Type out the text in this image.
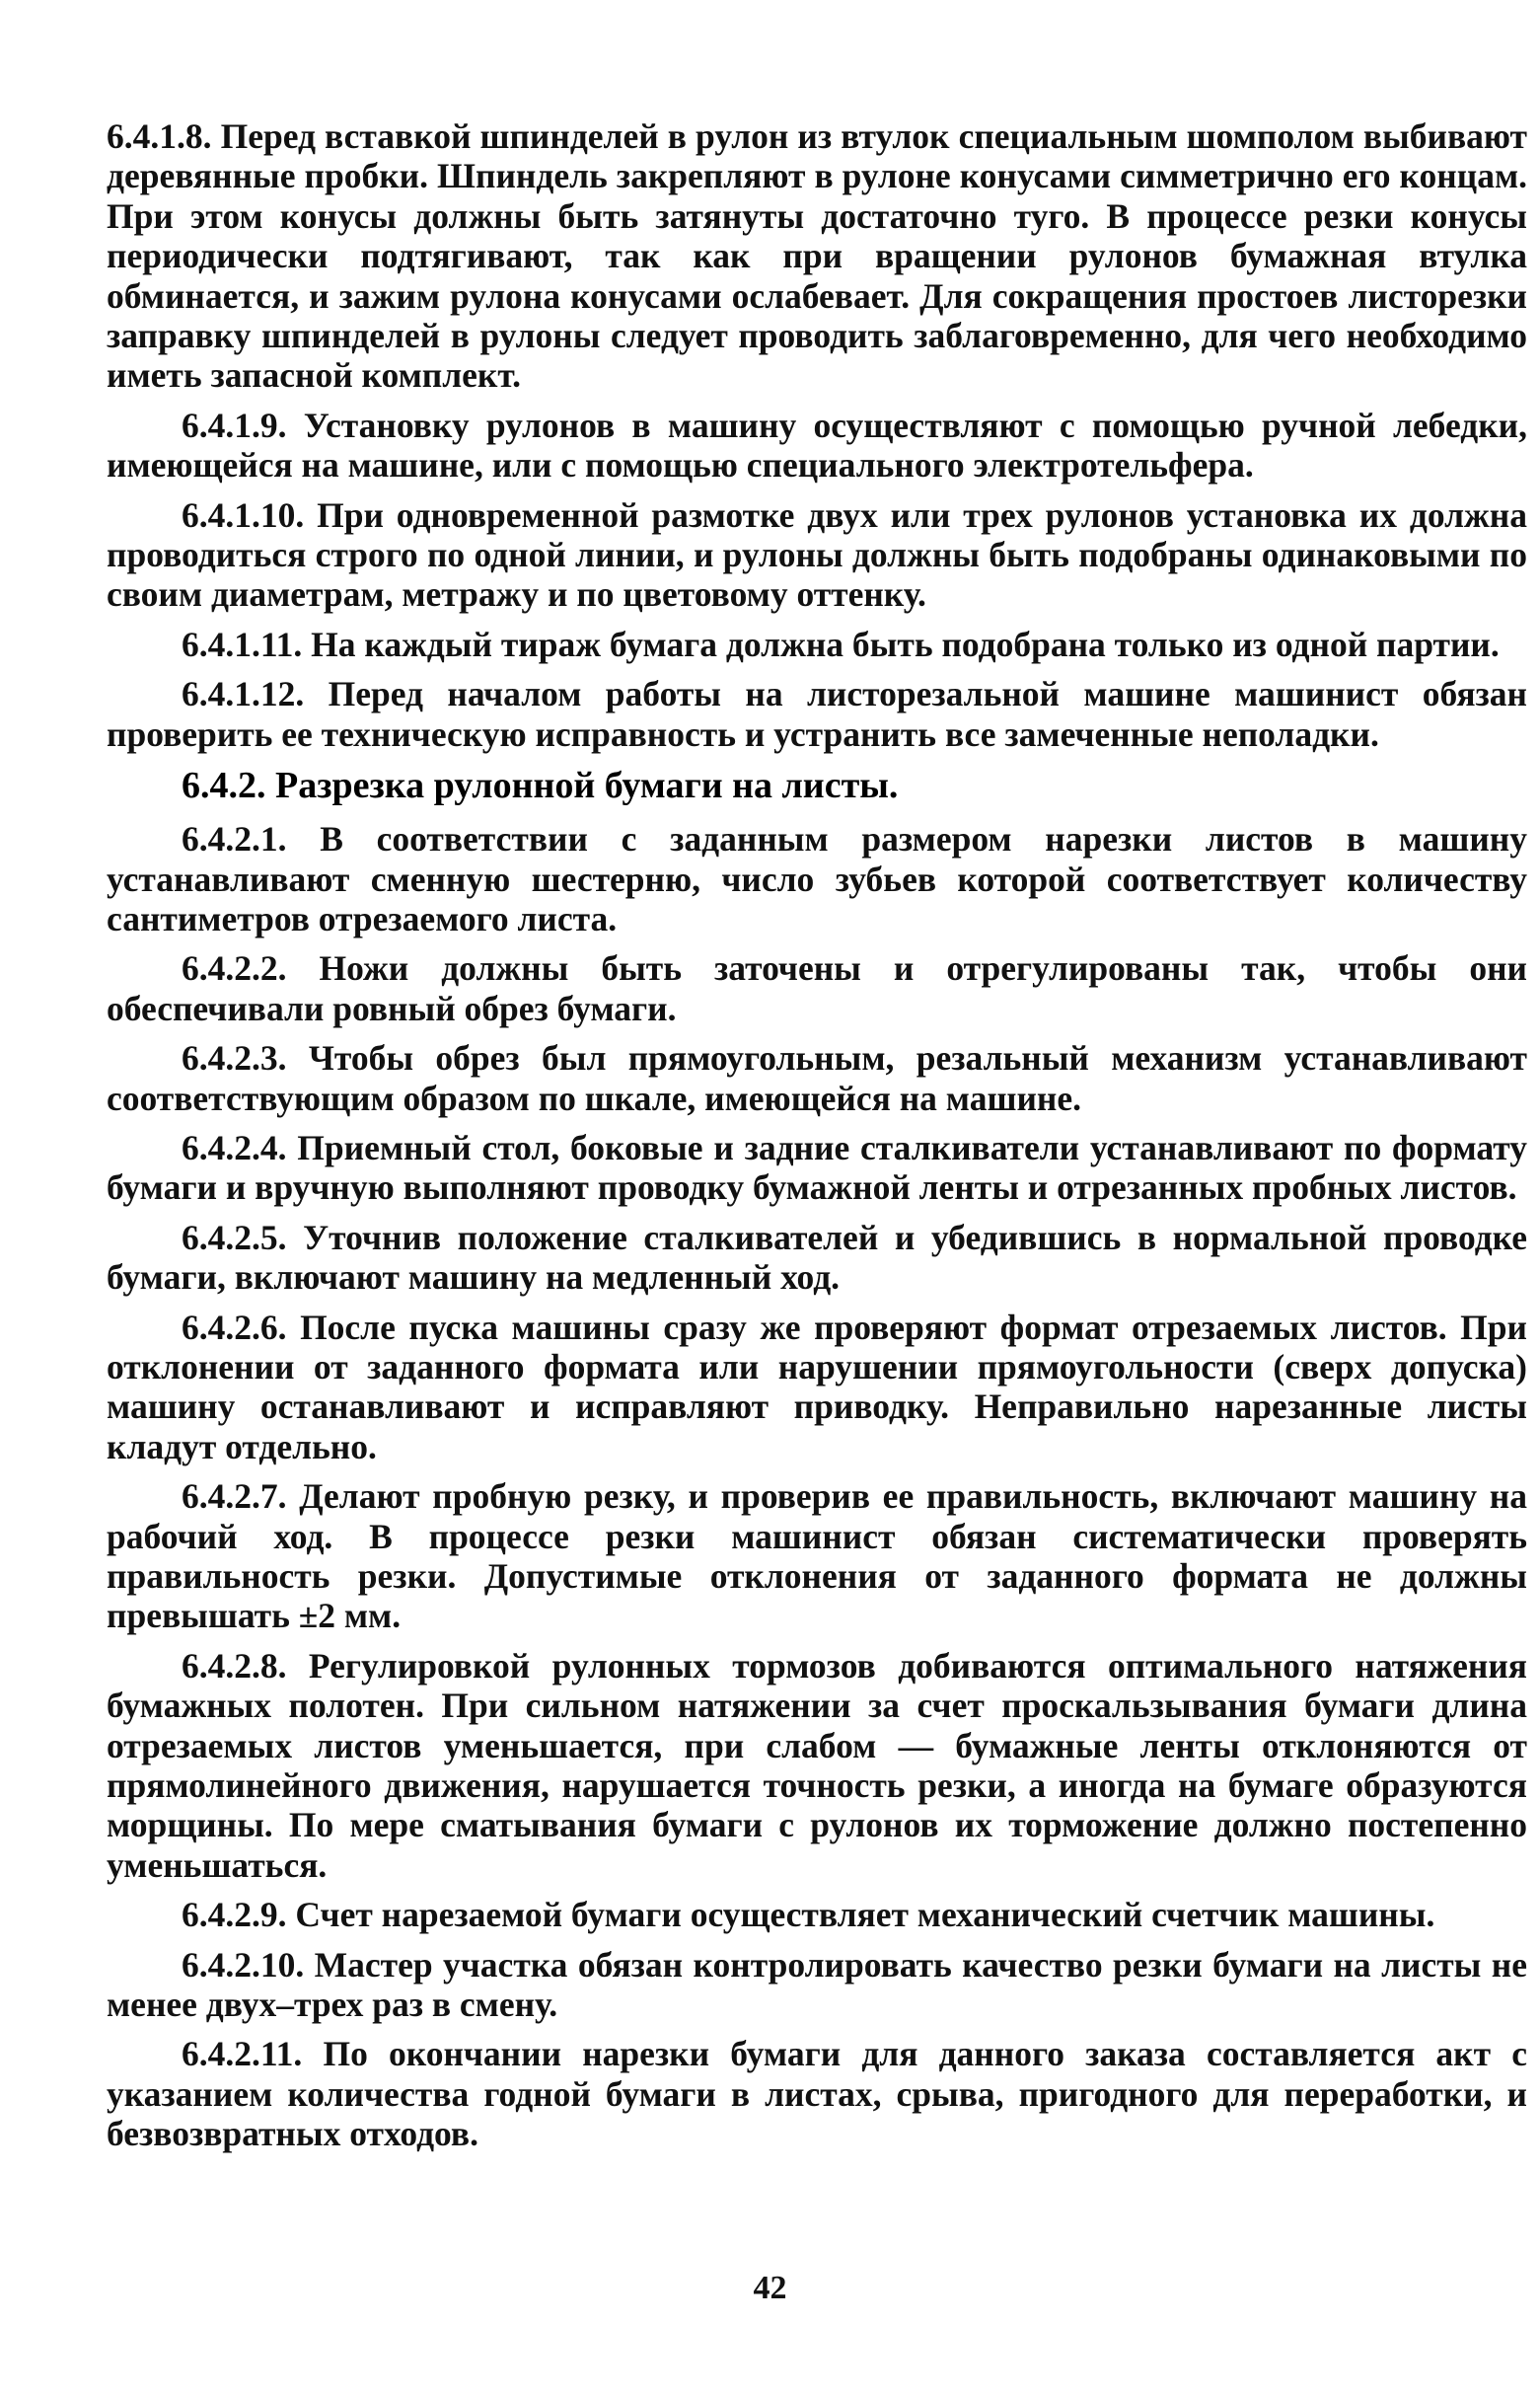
6.4.1.8. Перед вставкой шпинделей в рулон из втулок специальным шомполом выбивают деревянные пробки. Шпиндель закрепляют в рулоне конусами симметрично его концам. При этом конусы должны быть затянуты достаточно туго. В процессе резки конусы периодически подтягивают, так как при вращении рулонов бумажная втулка обминается, и зажим рулона конусами ослабевает. Для сокращения простоев листорезки заправку шпинделей в рулоны следует проводить заблаговременно, для чего необходимо иметь запасной комплект.

6.4.1.9. Установку рулонов в машину осуществляют с помощью ручной лебедки, имеющейся на машине, или с помощью специального электротельфера.

6.4.1.10. При одновременной размотке двух или трех рулонов установка их должна проводиться строго по одной линии, и рулоны должны быть подобраны одинаковыми по своим диаметрам, метражу и по цветовому оттенку.

6.4.1.11. На каждый тираж бумага должна быть подобрана только из одной партии.

6.4.1.12. Перед началом работы на листорезальной машине машинист обязан проверить ее техническую исправность и устранить все замеченные неполадки.

6.4.2. Разрезка рулонной бумаги на листы.

6.4.2.1. В соответствии с заданным размером нарезки листов в машину устанавливают сменную шестерню, число зубьев которой соответствует количеству сантиметров отрезаемого листа.

6.4.2.2. Ножи должны быть заточены и отрегулированы так, чтобы они обеспечивали ровный обрез бумаги.

6.4.2.3. Чтобы обрез был прямоугольным, резальный механизм устанавливают соответствующим образом по шкале, имеющейся на машине.

6.4.2.4. Приемный стол, боковые и задние сталкиватели устанавливают по формату бумаги и вручную выполняют проводку бумажной ленты и отрезанных пробных листов.

6.4.2.5. Уточнив положение сталкивателей и убедившись в нормальной проводке бумаги, включают машину на медленный ход.

6.4.2.6. После пуска машины сразу же проверяют формат отрезаемых листов. При отклонении от заданного формата или нарушении прямоугольности (сверх допуска) машину останавливают и исправляют приводку. Неправильно нарезанные листы кладут отдельно.

6.4.2.7. Делают пробную резку, и проверив ее правильность, включают машину на рабочий ход. В процессе резки машинист обязан систематически проверять правильность резки. Допустимые отклонения от заданного формата не должны превышать ±2 мм.

6.4.2.8. Регулировкой рулонных тормозов добиваются оптимального натяжения бумажных полотен. При сильном натяжении за счет проскальзывания бумаги длина отрезаемых листов уменьшается, при слабом — бумажные ленты отклоняются от прямолинейного движения, нарушается точность резки, а иногда на бумаге образуются морщины. По мере сматывания бумаги с рулонов их торможение должно постепенно уменьшаться.

6.4.2.9. Счет нарезаемой бумаги осуществляет механический счетчик машины.

6.4.2.10. Мастер участка обязан контролировать качество резки бумаги на листы не менее двух–трех раз в смену.

6.4.2.11. По окончании нарезки бумаги для данного заказа составляется акт с указанием количества годной бумаги в листах, срыва, пригодного для переработки, и безвозвратных отходов.

42
